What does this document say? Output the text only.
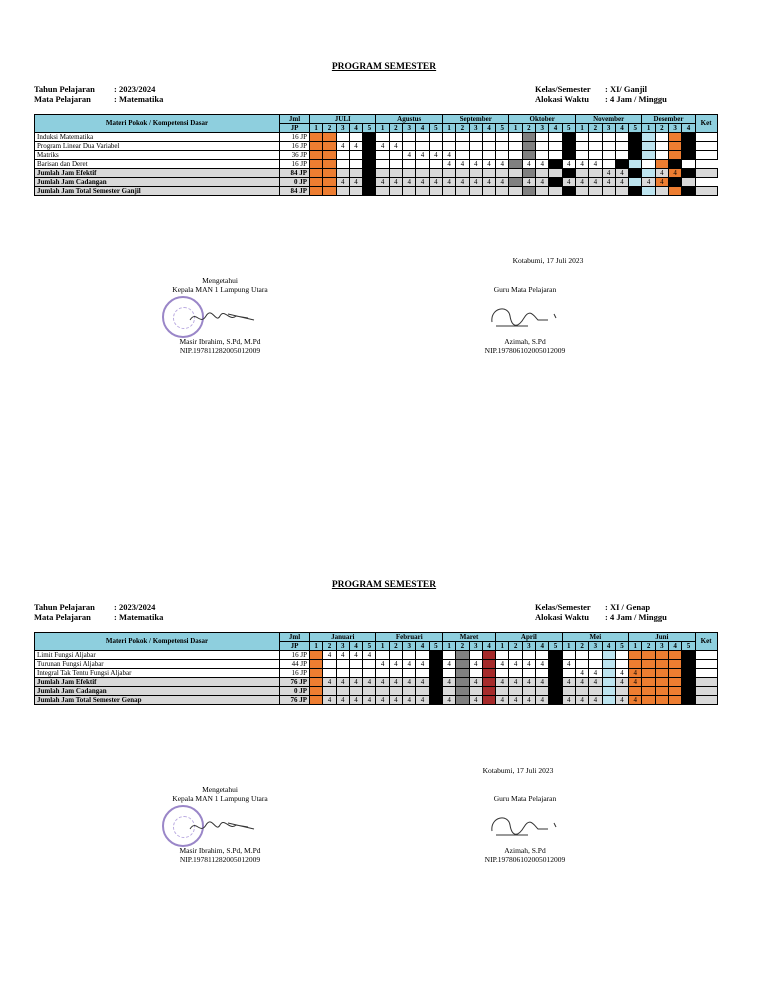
PROGRAM SEMESTER
Tahun Pelajaran : 2023/2024
Mata Pelajaran	: Matematika
Kelas/Semester : XI/ Ganjil
Alokasi Waktu : 4 Jam / Minggu
Materi Pokok / Kompetensi Dasar	Jml	JULI					Agustus					September					Oktober					November					Desember				Ket
	JP	1	2	3	4	5	1	2	3	4	5	1	2	3	4	5	1	2	3	4	5	1	2	3	4	5	1	2	3	4	
Induksi Matematika	16 JP																														
Program Linear Dua Variabel	16 JP			4	4		4	4																							
Matriks	36 JP								4	4	4	4																			
Barisan dan Deret	16 JP											4	4	4	4	4		4	4		4	4	4								
Jumlah Jam Efektif	84 JP																							4	4			4	4		
Jumlah Jam Cadangan	0 JP			4	4		4	4	4	4	4	4	4	4	4	4		4	4		4	4	4	4	4		4	4			
Jumlah Jam Total Semester Ganjil	84 JP																														
Kotabumi, 17 Juli 2023
Mengetahui
Kepala MAN 1 Lampung Utara	Guru Mata Pelajaran
Masir Ibrahim, S.Pd, M.Pd
NIP.197811282005012009
Azimah, S.Pd
NIP.197806102005012009
PROGRAM SEMESTER
Tahun Pelajaran : 2023/2024
Mata Pelajaran	: Matematika
Kelas/Semester : XI / Genap
Alokasi Waktu : 4 Jam / Minggu
Materi Pokok / Kompetensi Dasar	Jml	Januari					Februari					Maret				April					Mei					Juni					Ket
	JP	1	2	3	4	5	1	2	3	4	5	1	2	3	4	1	2	3	4	5	1	2	3	4	5	1	2	3	4	5	
Limit Fungsi Aljabar	16 JP		4	4	4	4																									
Turunan Fungsi Aljabar	44 JP						4	4	4	4		4		4		4	4	4	4		4										
Integral Tak Tentu Fungsi Aljabar	16 JP																					4	4		4	4					
Jumlah Jam Efektif	76 JP		4	4	4	4	4	4	4	4		4		4		4	4	4	4		4	4	4		4	4					
Jumlah Jam Cadangan	0 JP																														
Jumlah Jam Total Semester Genap	76 JP		4	4	4	4	4	4	4	4		4		4		4	4	4	4		4	4	4		4	4					
Kotabumi, 17 Juli 2023
Mengetahui
Kepala MAN 1 Lampung Utara	Guru Mata Pelajaran
Masir Ibrahim, S.Pd, M.Pd
NIP.197811282005012009
Azimah, S.Pd
NIP.197806102005012009
